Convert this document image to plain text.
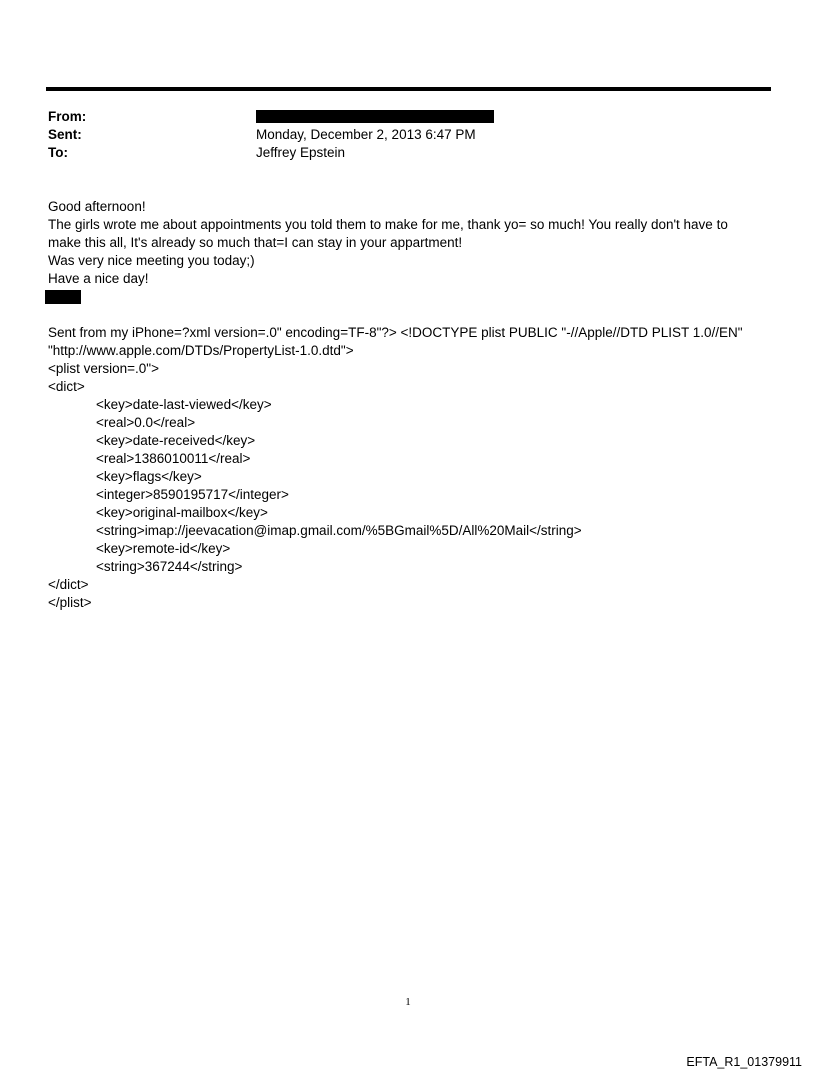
From:
Sent:	Monday, December 2, 2013 6:47 PM
To:	Jeffrey Epstein

Good afternoon!

The girls wrote me about appointments you told them to make for me, thank yo= so much! You really don't have to

make this all, It's already so much that=I can stay in your appartment!

Was very nice meeting you today;)

Have a nice day!

Sent from my iPhone=?xml version=.0" encoding=TF-8"?> <!DOCTYPE plist PUBLIC "-//Apple//DTD PLIST 1.0//EN"
"http://www.apple.com/DTDs/PropertyList-1.0.dtd">
<plist version=.0">
<dict>
<key>date-last-viewed</key>
<real>0.0</real>
<key>date-received</key>
<real>1386010011</real>
<key>flags</key>
<integer>8590195717</integer>
<key>original-mailbox</key>
<string>imap://jeevacation@imap.gmail.com/%5BGmail%5D/All%20Mail</string>
<key>remote-id</key>
<string>367244</string>
</dict>
</plist>
1
EFTA_R1_01379911
